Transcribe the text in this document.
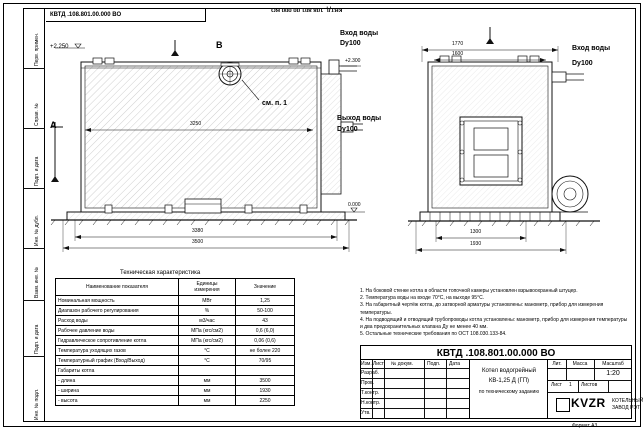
Перв. примен.
Справ. №
Подп. и дата
Инв. № дубл.
Взам. инв. №
Подп. и дата
Инв. № подл.
КВТД .108.801.00.000 ВО
КВТД .108.801.00.000 ВО
+2.250	В
А
Вход воды
Dy100
+2.300
Выход воды
Dy100
см. п. 1
3250
3380
3500
0.000
1770
1600
Вход воды
Dy100
1300
1930
Техническая характеристика
Наименование показателя	Единицы
измерения	Значение
Номинальная мощность	МВт	1,25
Диапазон рабочего регулирования	%	50-100
Расход воды	м3/час	43
Рабочее давление воды	МПа (кгс/см2)	0,6 (6,0)
Гидравлическое сопротивление котла	МПа (кгс/см2)	0,06 (0,6)
Температура уходящих газов	°С	не более 220
Температурный график (Вход/Выход)	°С	70/95
Габариты котла		
- длина	мм	3500
- ширина	мм	1930
- высота	мм	2250
1. На боковой стенке котла в области топочной камеры установлен взрывоохранный штуцер.
2. Температура воды на входе 70°С, на выходе 95°С.
3. На габаритный чертёж котла, до затворной арматуры установлены: манометр, прибор для измерения температуры.
4. На подводящий и отводящий трубопроводы котла установлены: манометр, прибор для измерения температуры и два предохранительных клапана Ду не менее 40 мм.
5. Остальные технические требования по ОСТ 108.030.133-84.
КВТД .108.801.00.000 ВО
Изм. Лист № докум.	Подп. Дата
Разраб.
Пров.
Т.контр.
Н.контр.
Утв.
Котел водогрейный
КВ-1,25 Д (ГП)
по техническому заданию
Лит.	Масса	Масштаб
1:20
Лист 1 Листов
KVZR КОТЕЛЬНЫЙ
ЗАВОД РЭТ
Формат А3
